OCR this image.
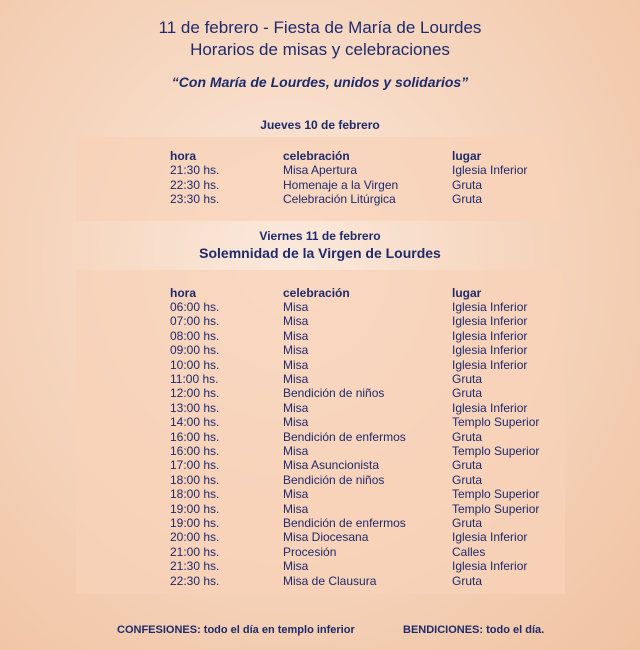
11 de febrero - Fiesta de María de Lourdes
Horarios de misas y celebraciones
“Con María de Lourdes, unidos y solidarios”
Jueves 10 de febrero
hora	celebración	lugar
21:30 hs.	Misa Apertura	Iglesia Inferior
22:30 hs.	Homenaje a la Virgen	Gruta
23:30 hs.	Celebración Litúrgica	Gruta
Viernes 11 de febrero
Solemnidad de la Virgen de Lourdes
hora	celebración	lugar
06:00 hs.	Misa	Iglesia Inferior
07:00 hs.	Misa	Iglesia Inferior
08:00 hs.	Misa	Iglesia Inferior
09:00 hs.	Misa	Iglesia Inferior
10:00 hs.	Misa	Iglesia Inferior
11:00 hs.	Misa	Gruta
12:00 hs.	Bendición de niños	Gruta
13:00 hs.	Misa	Iglesia Inferior
14:00 hs.	Misa	Templo Superior
16:00 hs.	Bendición de enfermos	Gruta
16:00 hs.	Misa	Templo Superior
17:00 hs.	Misa Asuncionista	Gruta
18:00 hs.	Bendición de niños	Gruta
18:00 hs.	Misa	Templo Superior
19:00 hs.	Misa	Templo Superior
19:00 hs.	Bendición de enfermos	Gruta
20:00 hs.	Misa Diocesana	Iglesia Inferior
21:00 hs.	Procesión	Calles
21:30 hs.	Misa	Iglesia Inferior
22:30 hs.	Misa de Clausura	Gruta
CONFESIONES: todo el día en templo inferior	BENDICIONES: todo el día.
